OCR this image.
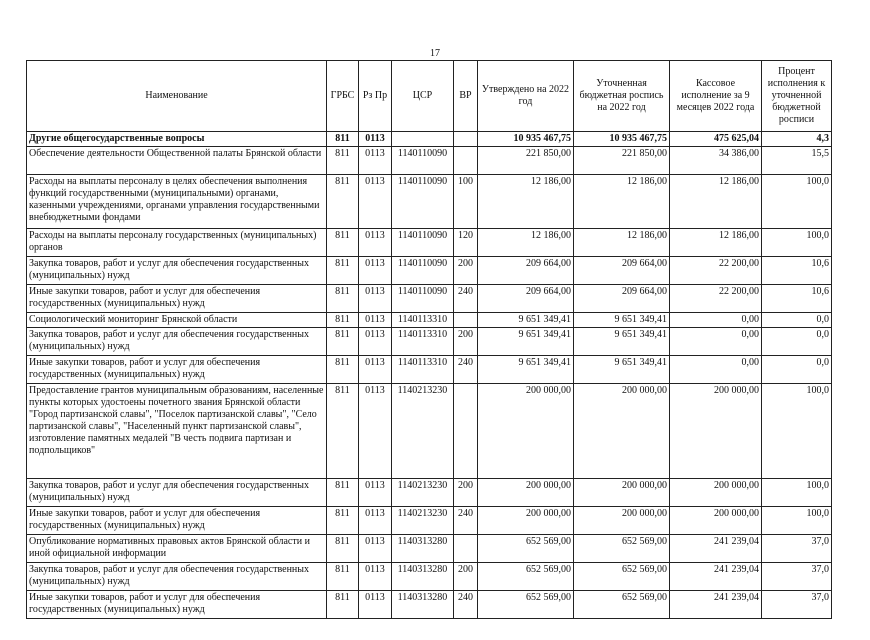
17
Наименование	ГРБС	Рз Пр	ЦСР	ВР	Утверждено на 2022 год	Уточненная бюджетная роспись на 2022 год	Кассовое исполнение за 9 месяцев 2022 года	Процент исполнения к уточненной бюджетной росписи
Другие общегосударственные вопросы	811	0113			10 935 467,75	10 935 467,75	475 625,04	4,3
Обеспечение деятельности Общественной палаты Брянской области	811	0113	1140110090		221 850,00	221 850,00	34 386,00	15,5
Расходы на выплаты персоналу в целях обеспечения выполнения функций государственными (муниципальными) органами, казенными учреждениями, органами управления государственными внебюджетными фондами	811	0113	1140110090	100	12 186,00	12 186,00	12 186,00	100,0
Расходы на выплаты персоналу государственных (муниципальных) органов	811	0113	1140110090	120	12 186,00	12 186,00	12 186,00	100,0
Закупка товаров, работ и услуг для обеспечения государственных (муниципальных) нужд	811	0113	1140110090	200	209 664,00	209 664,00	22 200,00	10,6
Иные закупки товаров, работ и услуг для обеспечения государственных (муниципальных) нужд	811	0113	1140110090	240	209 664,00	209 664,00	22 200,00	10,6
Социологический мониторинг Брянской области	811	0113	1140113310		9 651 349,41	9 651 349,41	0,00	0,0
Закупка товаров, работ и услуг для обеспечения государственных (муниципальных) нужд	811	0113	1140113310	200	9 651 349,41	9 651 349,41	0,00	0,0
Иные закупки товаров, работ и услуг для обеспечения государственных (муниципальных) нужд	811	0113	1140113310	240	9 651 349,41	9 651 349,41	0,00	0,0
Предоставление грантов муниципальным образованиям, населенные пункты которых удостоены почетного звания Брянской области "Город партизанской славы", "Поселок партизанской славы", "Село партизанской славы", "Населенный пункт партизанской славы", изготовление памятных медалей "В честь подвига партизан и подпольщиков"	811	0113	1140213230		200 000,00	200 000,00	200 000,00	100,0
Закупка товаров, работ и услуг для обеспечения государственных (муниципальных) нужд	811	0113	1140213230	200	200 000,00	200 000,00	200 000,00	100,0
Иные закупки товаров, работ и услуг для обеспечения государственных (муниципальных) нужд	811	0113	1140213230	240	200 000,00	200 000,00	200 000,00	100,0
Опубликование нормативных правовых актов Брянской области и иной официальной информации	811	0113	1140313280		652 569,00	652 569,00	241 239,04	37,0
Закупка товаров, работ и услуг для обеспечения государственных (муниципальных) нужд	811	0113	1140313280	200	652 569,00	652 569,00	241 239,04	37,0
Иные закупки товаров, работ и услуг для обеспечения государственных (муниципальных) нужд	811	0113	1140313280	240	652 569,00	652 569,00	241 239,04	37,0
